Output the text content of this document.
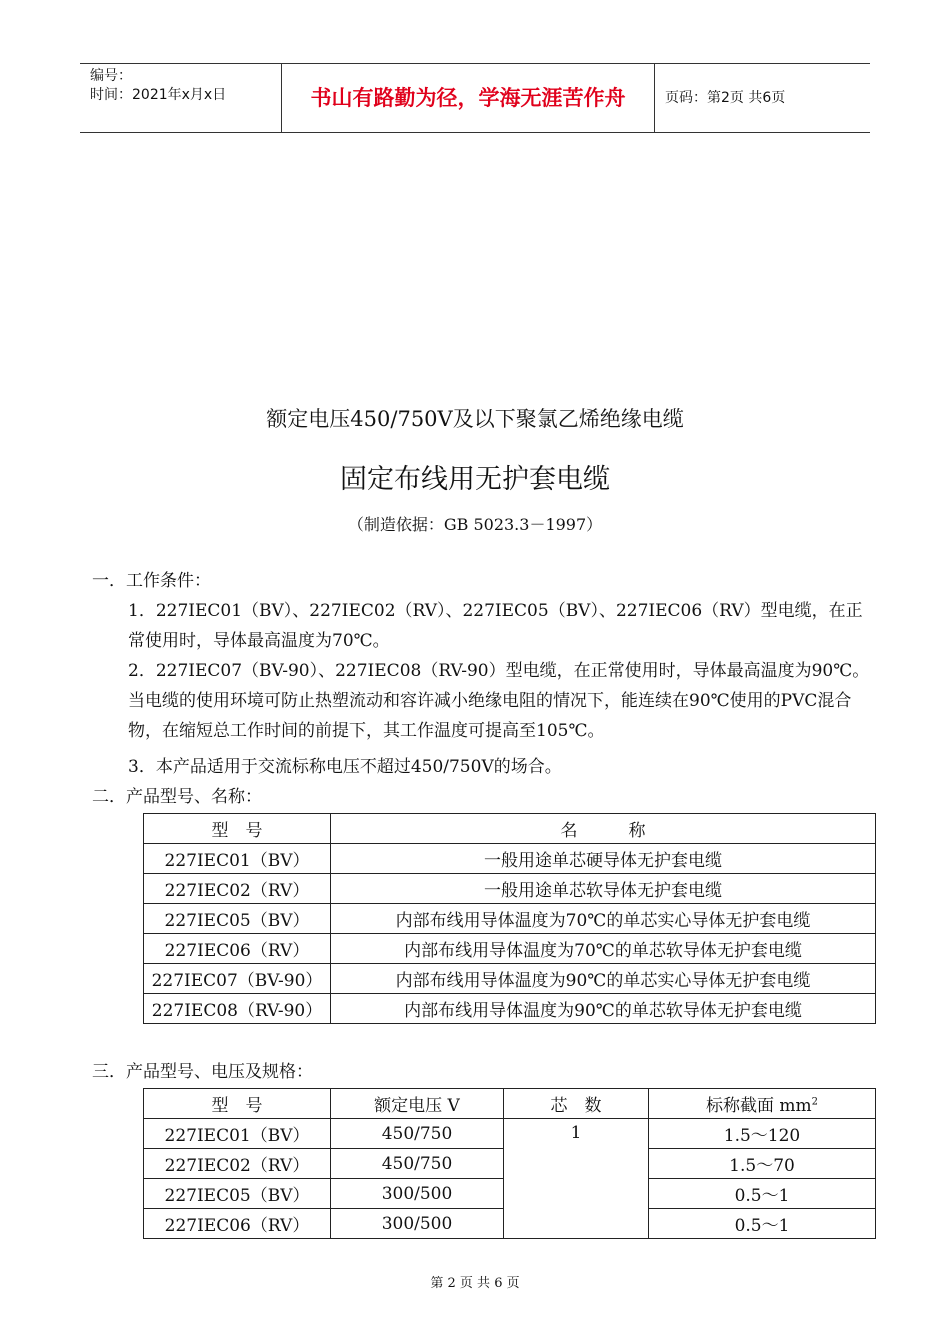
编号：
时间：2021年x月x日	书山有路勤为径，学海无涯苦作舟	页码：第2页 共6页
额定电压450/750V及以下聚氯乙烯绝缘电缆
固定布线用无护套电缆
（制造依据：GB 5023.3－1997）
一．工作条件：
1．227IEC01（BV）、227IEC02（RV）、227IEC05（BV）、227IEC06（RV）型电缆，在正常使用时，导体最高温度为70℃。
2．227IEC07（BV-90）、227IEC08（RV-90）型电缆，在正常使用时，导体最高温度为90℃。当电缆的使用环境可防止热塑流动和容许减小绝缘电阻的情况下，能连续在90℃使用的PVC混合物，在缩短总工作时间的前提下，其工作温度可提高至105℃。
3．本产品适用于交流标称电压不超过450/750V的场合。
二．产品型号、名称：
型　号	名　　　称
227IEC01（BV）	一般用途单芯硬导体无护套电缆
227IEC02（RV）	一般用途单芯软导体无护套电缆
227IEC05（BV）	内部布线用导体温度为70℃的单芯实心导体无护套电缆
227IEC06（RV）	内部布线用导体温度为70℃的单芯软导体无护套电缆
227IEC07（BV-90）	内部布线用导体温度为90℃的单芯实心导体无护套电缆
227IEC08（RV-90）	内部布线用导体温度为90℃的单芯软导体无护套电缆
三．产品型号、电压及规格：
型　号	额定电压 V	芯　数	标称截面 $mm^2$
227IEC01（BV）	450/750	1	1.5～120
227IEC02（RV）	450/750		1.5～70
227IEC05（BV）	300/500		0.5～1
227IEC06（RV）	300/500		0.5～1
第 2 页 共 6 页
